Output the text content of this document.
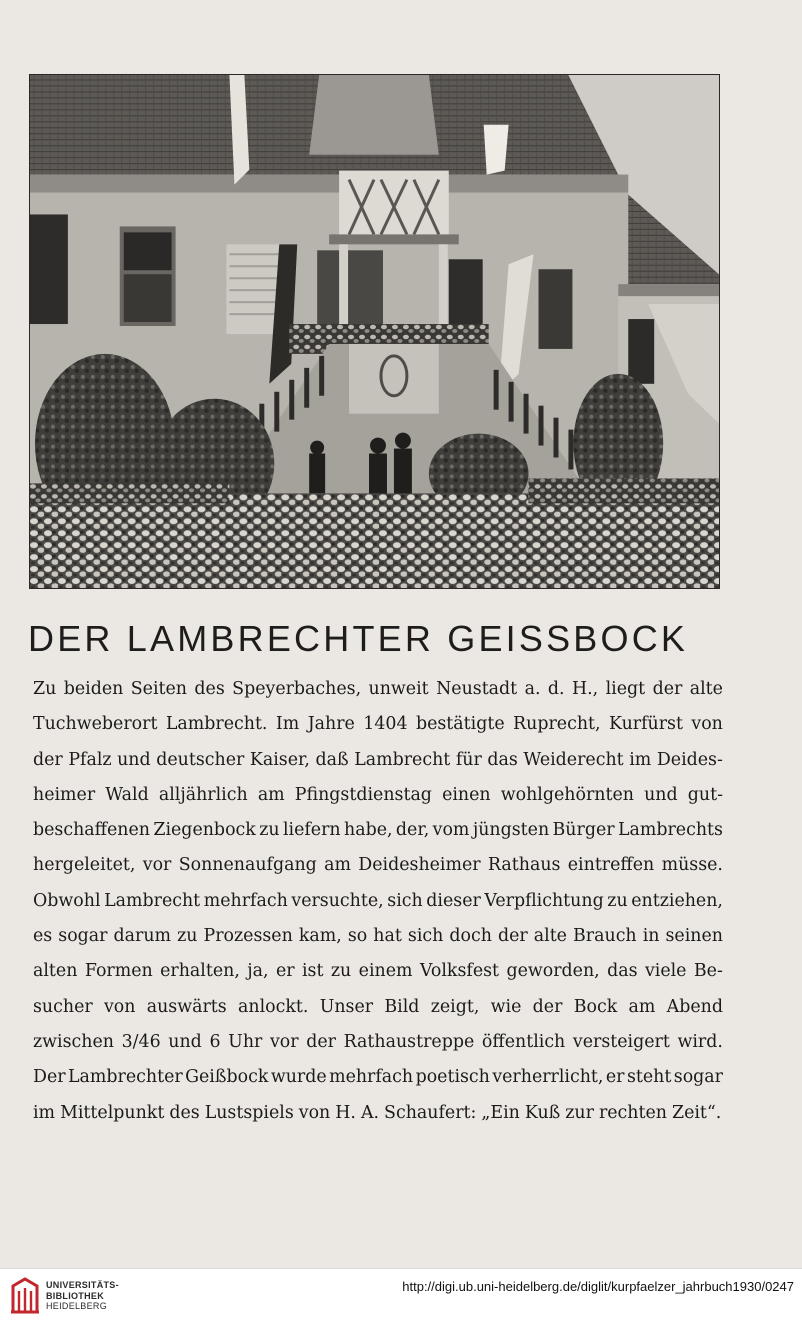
DER LAMBRECHTER GEISSBOCK
Zu beiden Seiten des Speyerbaches, unweit Neustadt a. d. H., liegt der alte
Tuchweberort Lambrecht. Im Jahre 1404 bestätigte Ruprecht, Kurfürst von
der Pfalz und deutscher Kaiser, daß Lambrecht für das Weiderecht im Deides-
heimer Wald alljährlich am Pfingstdienstag einen wohlgehörnten und gut-
beschaffenen Ziegenbock zu liefern habe, der, vom jüngsten Bürger Lambrechts
hergeleitet, vor Sonnenaufgang am Deidesheimer Rathaus eintreffen müsse.
Obwohl Lambrecht mehrfach versuchte, sich dieser Verpflichtung zu entziehen,
es sogar darum zu Prozessen kam, so hat sich doch der alte Brauch in seinen
alten Formen erhalten, ja, er ist zu einem Volksfest geworden, das viele Be-
sucher von auswärts anlockt. Unser Bild zeigt, wie der Bock am Abend
zwischen 3/46 und 6 Uhr vor der Rathaustreppe öffentlich versteigert wird.
Der Lambrechter Geißbock wurde mehrfach poetisch verherrlicht, er steht sogar
im Mittelpunkt des Lustspiels von H. A. Schaufert: „Ein Kuß zur rechten Zeit“.
UNIVERSITÄTS-
BIBLIOTHEK
HEIDELBERG
http://digi.ub.uni-heidelberg.de/diglit/kurpfaelzer_jahrbuch1930/0247
